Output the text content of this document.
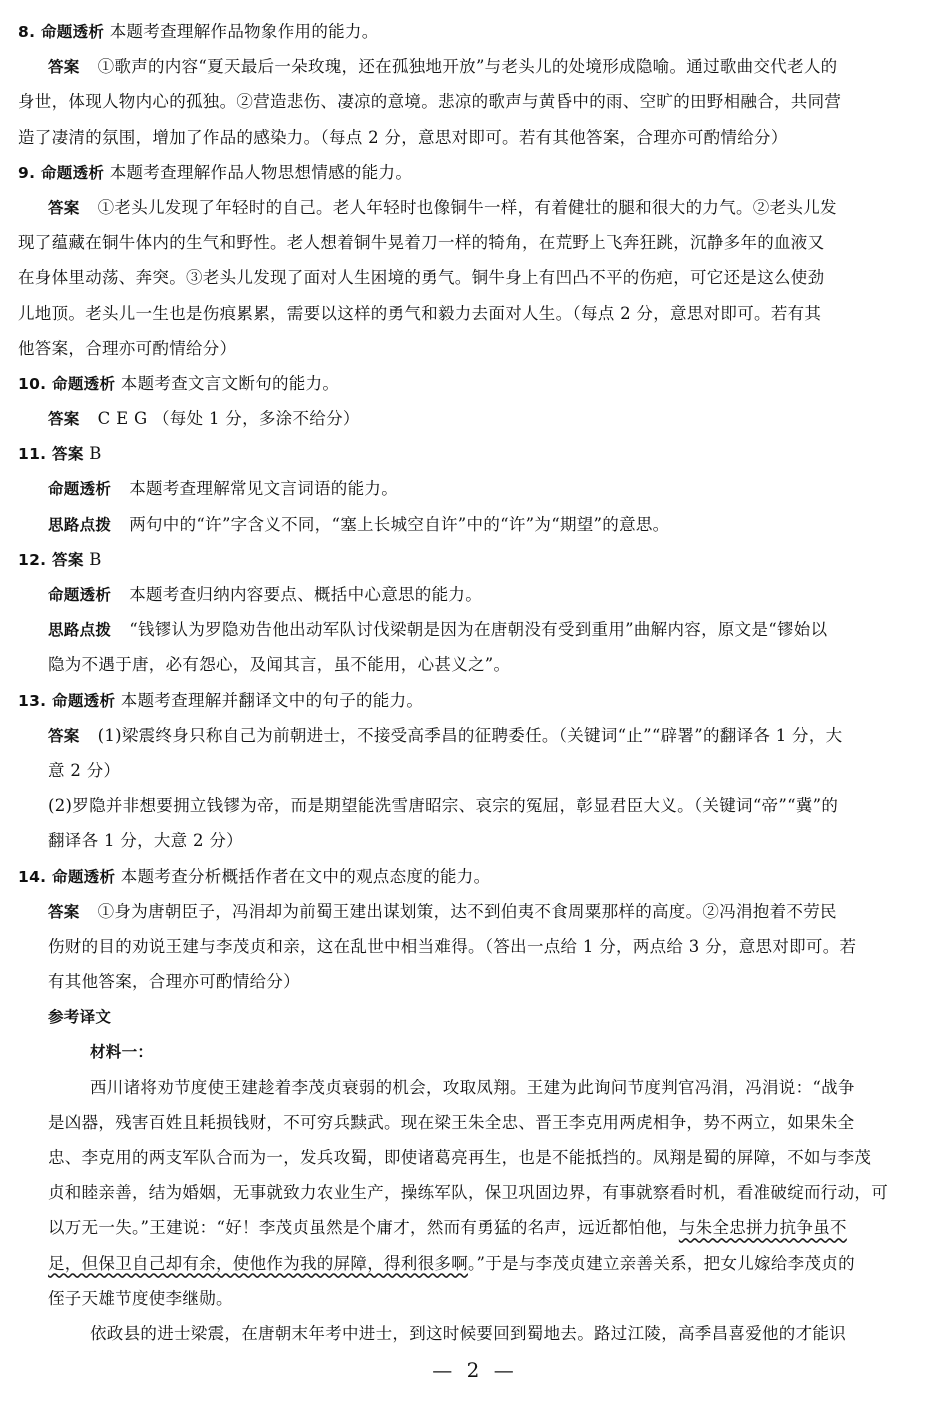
8. 命题透析 本题考查理解作品物象作用的能力。
答案 ①歌声的内容“夏天最后一朵玫瑰，还在孤独地开放”与老头儿的处境形成隐喻。通过歌曲交代老人的
身世，体现人物内心的孤独。②营造悲伤、凄凉的意境。悲凉的歌声与黄昏中的雨、空旷的田野相融合，共同营
造了凄清的氛围，增加了作品的感染力。（每点 2 分，意思对即可。若有其他答案，合理亦可酌情给分）
9. 命题透析 本题考查理解作品人物思想情感的能力。
答案 ①老头儿发现了年轻时的自己。老人年轻时也像铜牛一样，有着健壮的腿和很大的力气。②老头儿发
现了蕴藏在铜牛体内的生气和野性。老人想着铜牛晃着刀一样的犄角，在荒野上飞奔狂跳，沉静多年的血液又
在身体里动荡、奔突。③老头儿发现了面对人生困境的勇气。铜牛身上有凹凸不平的伤疤，可它还是这么使劲
儿地顶。老头儿一生也是伤痕累累，需要以这样的勇气和毅力去面对人生。（每点 2 分，意思对即可。若有其
他答案，合理亦可酌情给分）
10. 命题透析 本题考查文言文断句的能力。
答案 C E G （每处 1 分，多涂不给分）
11. 答案 B
命题透析 本题考查理解常见文言词语的能力。
思路点拨 两句中的“许”字含义不同，“塞上长城空自许”中的“许”为“期望”的意思。
12. 答案 B
命题透析 本题考查归纳内容要点、概括中心意思的能力。
思路点拨 “钱镠认为罗隐劝告他出动军队讨伐梁朝是因为在唐朝没有受到重用”曲解内容，原文是“镠始以
隐为不遇于唐，必有怨心，及闻其言，虽不能用，心甚义之”。
13. 命题透析 本题考查理解并翻译文中的句子的能力。
答案 (1)梁震终身只称自己为前朝进士，不接受高季昌的征聘委任。（关键词“止”“辟署”的翻译各 1 分，大
意 2 分）
(2)罗隐并非想要拥立钱镠为帝，而是期望能洗雪唐昭宗、哀宗的冤屈，彰显君臣大义。（关键词“帝”“冀”的
翻译各 1 分，大意 2 分）
14. 命题透析 本题考查分析概括作者在文中的观点态度的能力。
答案 ①身为唐朝臣子，冯涓却为前蜀王建出谋划策，达不到伯夷不食周粟那样的高度。②冯涓抱着不劳民
伤财的目的劝说王建与李茂贞和亲，这在乱世中相当难得。（答出一点给 1 分，两点给 3 分，意思对即可。若
有其他答案，合理亦可酌情给分）
参考译文
材料一：
西川诸将劝节度使王建趁着李茂贞衰弱的机会，攻取凤翔。王建为此询问节度判官冯涓，冯涓说：“战争
是凶器，残害百姓且耗损钱财，不可穷兵黩武。现在梁王朱全忠、晋王李克用两虎相争，势不两立，如果朱全
忠、李克用的两支军队合而为一，发兵攻蜀，即使诸葛亮再生，也是不能抵挡的。凤翔是蜀的屏障，不如与李茂
贞和睦亲善，结为婚姻，无事就致力农业生产，操练军队，保卫巩固边界，有事就察看时机，看准破绽而行动，可
以万无一失。”王建说：“好！李茂贞虽然是个庸才，然而有勇猛的名声，远近都怕他，与朱全忠拼力抗争虽不
足，但保卫自己却有余，使他作为我的屏障，得利很多啊。”于是与李茂贞建立亲善关系，把女儿嫁给李茂贞的
侄子天雄节度使李继勋。
依政县的进士梁震，在唐朝末年考中进士，到这时候要回到蜀地去。路过江陵，高季昌喜爱他的才能识
— 2 —
